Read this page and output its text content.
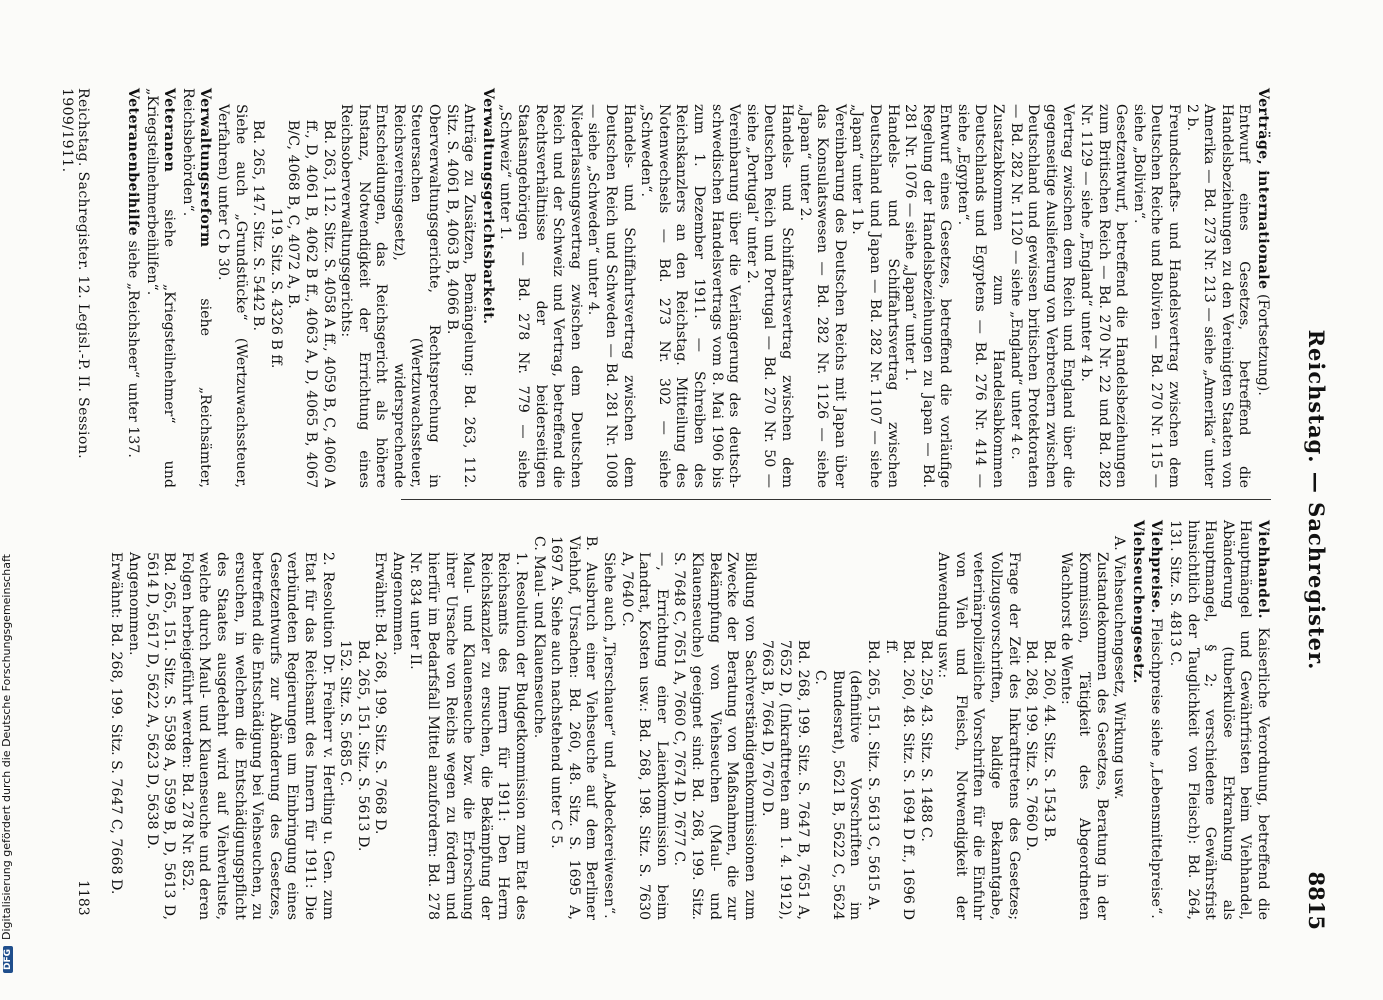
Reichstag. — Sachregister.
8815

Verträge, internationale (Fortsetzung).

Entwurf eines Gesetzes, betreffend die Handelsbeziehungen zu den Vereinigten Staaten von Amerika — Bd. 273 Nr. 213 — siehe „Amerika“ unter 2 b.

Freundschafts- und Handelsvertrag zwischen dem Deutschen Reiche und Bolivien — Bd. 270 Nr. 115 — siehe „Bolivien“.

Gesetzentwurf, betreffend die Handelsbeziehungen zum Britischen Reich — Bd. 270 Nr. 22 und Bd. 282 Nr. 1129 — siehe „England“ unter 4 b.

Vertrag zwischen dem Reich und England über die gegenseitige Auslieferung von Verbrechern zwischen Deutschland und gewissen britischen Protektoraten — Bd. 282 Nr. 1120 — siehe „England“ unter 4 c.

Zusatzabkommen zum Handelsabkommen Deutschlands und Egyptens — Bd. 276 Nr. 414 — siehe „Egypten“.

Entwurf eines Gesetzes, betreffend die vorläufige Regelung der Handelsbeziehungen zu Japan — Bd. 281 Nr. 1076 — siehe „Japan“ unter 1.

Handels- und Schiffahrtsvertrag zwischen Deutschland und Japan — Bd. 282 Nr. 1107 — siehe „Japan“ unter 1 b.

Vereinbarung des Deutschen Reichs mit Japan über das Konsulatswesen — Bd. 282 Nr. 1126 — siehe „Japan“ unter 2.

Handels- und Schiffahrtsvertrag zwischen dem Deutschen Reich und Portugal — Bd. 270 Nr. 50 — siehe „Portugal“ unter 2.

Vereinbarung über die Verlängerung des deutsch-schwedischen Handelsvertrags vom 8. Mai 1906 bis zum 1. Dezember 1911. — Schreiben des Reichskanzlers an den Reichstag. Mitteilung des Notenwechsels — Bd. 273 Nr. 302 — siehe „Schweden“.

Handels- und Schiffahrtsvertrag zwischen dem Deutschen Reich und Schweden — Bd. 281 Nr. 1008 — siehe „Schweden“ unter 4.

Niederlassungsvertrag zwischen dem Deutschen Reich und der Schweiz und Vertrag, betreffend die Rechtsverhältnisse der beiderseitigen Staatsangehörigen — Bd. 278 Nr. 779 — siehe „Schweiz“ unter 1.

Verwaltungsgerichtsbarkeit.

Anträge zu Zusätzen, Bemängelung: Bd. 263, 112. Sitz. S. 4061 B, 4063 B, 4066 B.

Oberverwaltungsgerichte, Rechtsprechung in Steuersachen (Wertzuwachssteuer, Reichsvereinsgesetz), widersprechende Entscheidungen, das Reichsgericht als höhere Instanz, Notwendigkeit der Errichtung eines Reichsoberverwaltungsgerichts:

Bd. 263, 112. Sitz. S. 4058 A ff., 4059 B, C, 4060 A ff., D, 4061 B, 4062 B ff., 4063 A, D, 4065 B, 4067 B/C, 4068 B, C, 4072 A, B.

119. Sitz. S. 4326 B ff.

Bd. 265, 147. Sitz. S. 5442 B.

Siehe auch „Grundstücke“ (Wertzuwachssteuer, Verfahren) unter C b 30.

Verwaltungsreform siehe „Reichsämter, Reichsbehörden“.

Veteranen siehe „Kriegsteilnehmer“ und „Kriegsteilnehmerbeihilfen“.

Veteranenbeihilfe siehe „Reichsheer“ unter 137.

Viehhandel. Kaiserliche Verordnung, betreffend die Hauptmängel und Gewährfristen beim Viehhandel, Abänderung (tuberkulöse Erkrankung als Hauptmangel, § 2; verschiedene Gewährsfrist hinsichtlich der Tauglichkeit von Fleisch): Bd. 264, 131. Sitz. S. 4813 C.

Viehpreise. Fleischpreise siehe „Lebensmittelpreise“.

Viehseuchengesetz.

A. Viehseuchengesetz, Wirkung usw.

Zustandekommen des Gesetzes, Beratung in der Kommission, Tätigkeit des Abgeordneten Wachhorst de Wente:

Bd. 260, 44. Sitz. S. 1543 B.

Bd. 268, 199. Sitz. S. 7660 D.

Frage der Zeit des Inkrafttretens des Gesetzes; Vollzugsvorschriften, baldige Bekanntgabe, veterinärpolizeiliche Vorschriften für die Einfuhr von Vieh und Fleisch, Notwendigkeit der Anwendung usw.:

Bd. 259, 43. Sitz. S. 1488 C.

Bd. 260, 48. Sitz. S. 1694 D ff., 1696 D ff.

Bd. 265, 151. Sitz. S. 5613 C, 5615 A.

(definitive Vorschriften im Bundesrat), 5621 B, 5622 C, 5624 C.

Bd. 268, 199. Sitz. S. 7647 B, 7651 A, 7652 D, (Inkrafttreten am 1. 4. 1912), 7663 B, 7664 D, 7670 D.

Bildung von Sachverständigenkommissionen zum Zwecke der Beratung von Maßnahmen, die zur Bekämpfung von Viehseuchen (Maul- und Klauenseuche) geeignet sind: Bd. 268, 199. Sitz. S. 7648 C, 7651 A, 7660 C, 7674 D, 7677 C.

—, Errichtung einer Laienkommission beim Landrat, Kosten usw.: Bd. 268, 198. Sitz. S. 7630 A, 7640 C.

Siehe auch „Tierschauer“ und „Abdeckereiwesen“.

B. Ausbruch einer Viehseuche auf dem Berliner Viehhof, Ursachen: Bd. 260, 48. Sitz. S. 1695 A, 1697 A. Siehe auch nachstehend unter C 5.

C. Maul- und Klauenseuche.

1. Resolution der Budgetkommission zum Etat des Reichsamts des Innern für 1911: Den Herrn Reichskanzler zu ersuchen, die Bekämpfung der Maul- und Klauenseuche bzw. die Erforschung ihrer Ursache von Reichs wegen zu fördern und hierfür im Bedarfsfall Mittel anzufordern: Bd. 278 Nr. 834 unter II.

Angenommen.

Erwähnt: Bd. 268, 199. Sitz. S. 7668 D.

Bd. 265, 151. Sitz. S. 5613 D.

152. Sitz. S. 5685 C.

2. Resolution Dr. Freiherr v. Hertling u. Gen. zum Etat für das Reichsamt des Innern für 1911: Die verbündeten Regierungen um Einbringung eines Gesetzentwurfs zur Abänderung des Gesetzes, betreffend die Entschädigung bei Viehseuchen, zu ersuchen, in welchem die Entschädigungspflicht des Staates ausgedehnt wird auf Viehverluste, welche durch Maul- und Klauenseuche und deren Folgen herbeigeführt werden: Bd. 278 Nr. 852.

Bd. 265, 151. Sitz. S. 5598 A, 5599 B, D, 5613 D, 5614 D, 5617 D, 5622 A, 5623 D, 5638 D.

Angenommen.

Erwähnt: Bd. 268, 199. Sitz. S. 7647 C, 7668 D.

Reichstag. Sachregister. 12. Legisl.-P. II. Session. 1909/1911.
1183
DFGDigitalisierung gefördert durch die Deutsche Forschungsgemeinschaft
